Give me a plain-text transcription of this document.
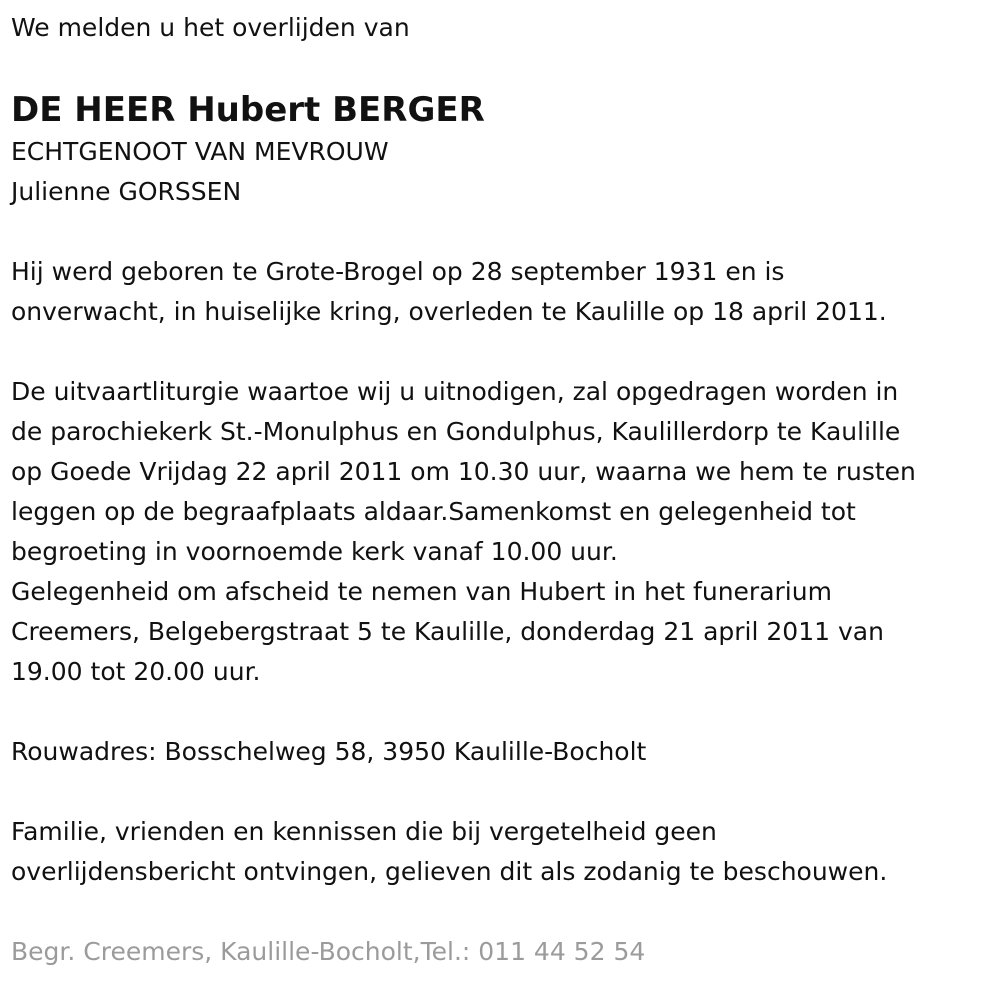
We melden u het overlijden van

DE HEER Hubert BERGER

ECHTGENOOT VAN MEVROUW

Julienne GORSSEN

Hij werd geboren te Grote-Brogel op 28 september 1931 en is

onverwacht, in huiselijke kring, overleden te Kaulille op 18 april 2011.

De uitvaartliturgie waartoe wij u uitnodigen, zal opgedragen worden in

de parochiekerk St.-Monulphus en Gondulphus, Kaulillerdorp te Kaulille

op Goede Vrijdag 22 april 2011 om 10.30 uur, waarna we hem te rusten

leggen op de begraafplaats aldaar.Samenkomst en gelegenheid tot

begroeting in voornoemde kerk vanaf 10.00 uur.

Gelegenheid om afscheid te nemen van Hubert in het funerarium

Creemers, Belgebergstraat 5 te Kaulille, donderdag 21 april 2011 van

19.00 tot 20.00 uur.

Rouwadres: Bosschelweg 58, 3950 Kaulille-Bocholt

Familie, vrienden en kennissen die bij vergetelheid geen

overlijdensbericht ontvingen, gelieven dit als zodanig te beschouwen.

Begr. Creemers, Kaulille-Bocholt,Tel.: 011 44 52 54
